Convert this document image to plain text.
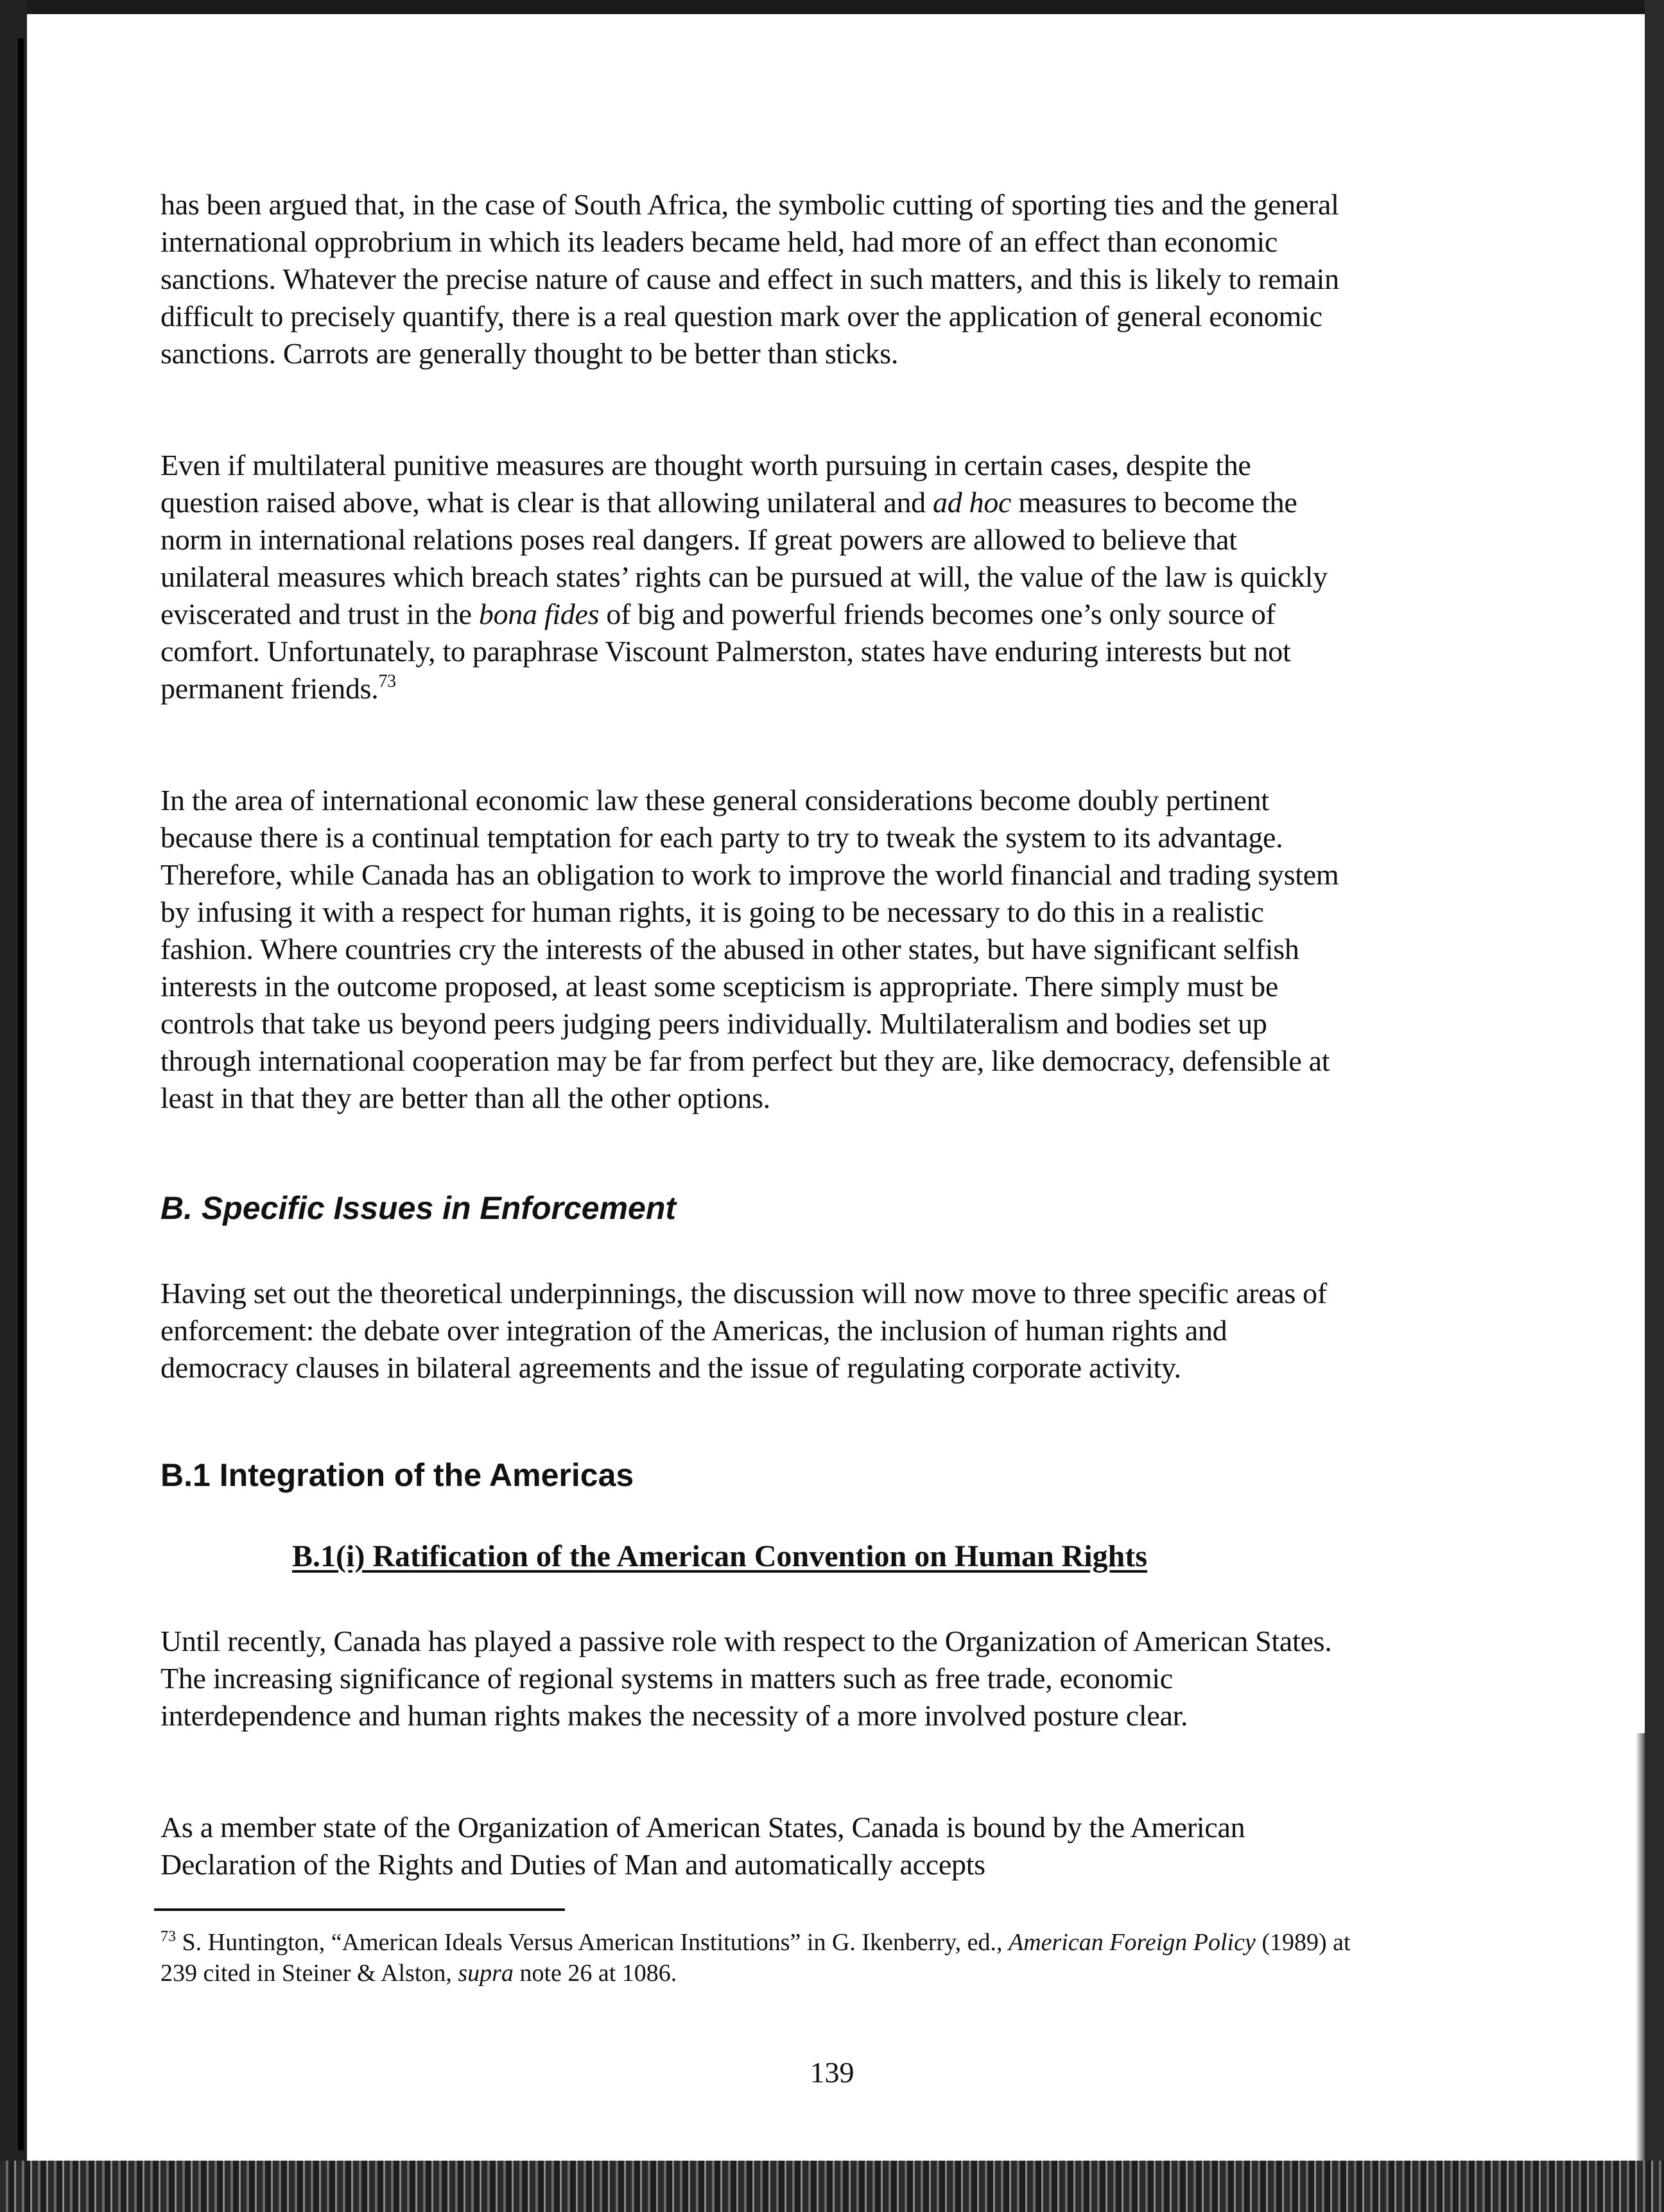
has been argued that, in the case of South Africa, the symbolic cutting of sporting ties and the general international opprobrium in which its leaders became held, had more of an effect than economic sanctions. Whatever the precise nature of cause and effect in such matters, and this is likely to remain difficult to precisely quantify, there is a real question mark over the application of general economic sanctions. Carrots are generally thought to be better than sticks.

Even if multilateral punitive measures are thought worth pursuing in certain cases, despite the question raised above, what is clear is that allowing unilateral and ad hoc measures to become the norm in international relations poses real dangers. If great powers are allowed to believe that unilateral measures which breach states’ rights can be pursued at will, the value of the law is quickly eviscerated and trust in the bona fides of big and powerful friends becomes one’s only source of comfort. Unfortunately, to paraphrase Viscount Palmerston, states have enduring interests but not permanent friends.$^{73}$

In the area of international economic law these general considerations become doubly pertinent because there is a continual temptation for each party to try to tweak the system to its advantage. Therefore, while Canada has an obligation to work to improve the world financial and trading system by infusing it with a respect for human rights, it is going to be necessary to do this in a realistic fashion. Where countries cry the interests of the abused in other states, but have significant selfish interests in the outcome proposed, at least some scepticism is appropriate. There simply must be controls that take us beyond peers judging peers individually. Multilateralism and bodies set up through international cooperation may be far from perfect but they are, like democracy, defensible at least in that they are better than all the other options.

B. Specific Issues in Enforcement

Having set out the theoretical underpinnings, the discussion will now move to three specific areas of enforcement: the debate over integration of the Americas, the inclusion of human rights and democracy clauses in bilateral agreements and the issue of regulating corporate activity.

B.1 Integration of the Americas
B.1(i) Ratification of the American Convention on Human Rights

Until recently, Canada has played a passive role with respect to the Organization of American States. The increasing significance of regional systems in matters such as free trade, economic interdependence and human rights makes the necessity of a more involved posture clear.

As a member state of the Organization of American States, Canada is bound by the American Declaration of the Rights and Duties of Man and automatically accepts

$^{73}$ S. Huntington, “American Ideals Versus American Institutions” in G. Ikenberry, ed., American Foreign Policy (1989) at 239 cited in Steiner & Alston, supra note 26 at 1086.

139
